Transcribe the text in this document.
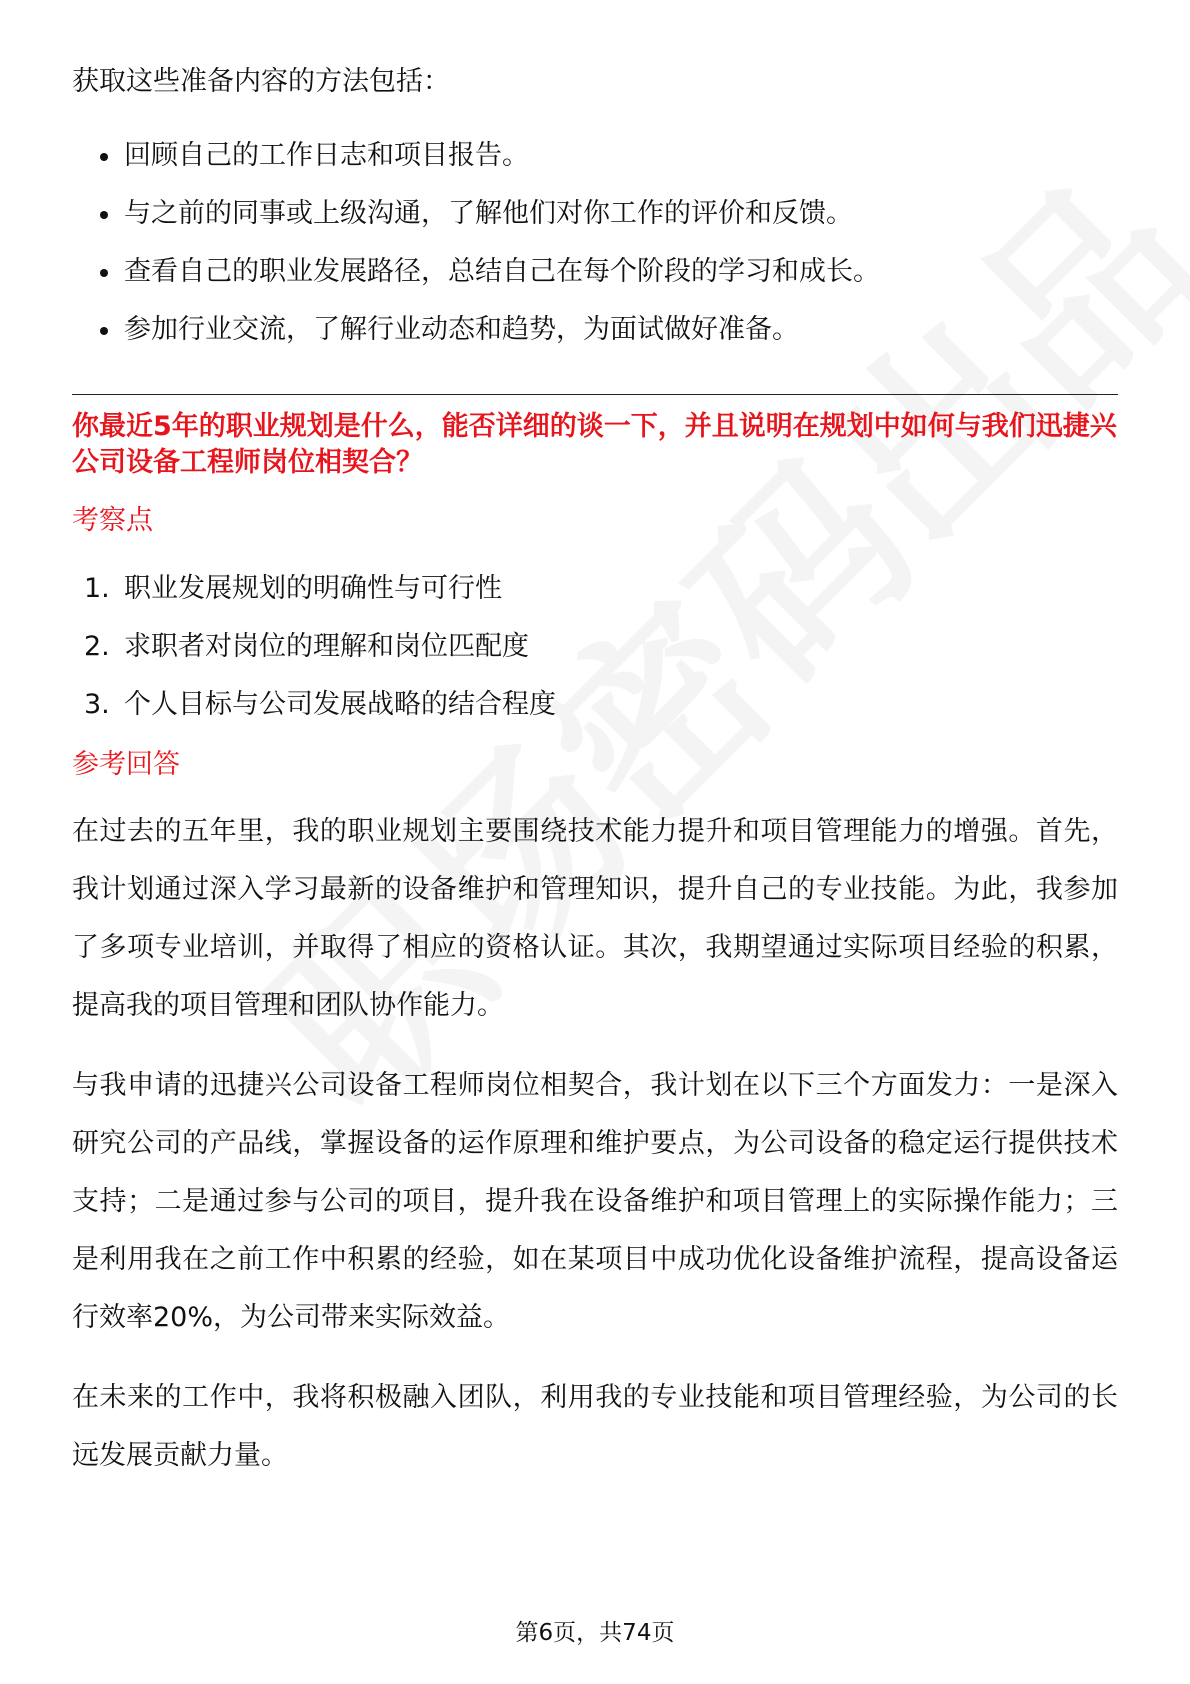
获取这些准备内容的方法包括：

回顾自己的工作日志和项目报告。
与之前的同事或上级沟通，了解他们对你工作的评价和反馈。
查看自己的职业发展路径，总结自己在每个阶段的学习和成长。
参加行业交流，了解行业动态和趋势，为面试做好准备。

你最近5年的职业规划是什么，能否详细的谈一下，并且说明在规划中如何与我们迅捷兴公司设备工程师岗位相契合？

考察点

1. 职业发展规划的明确性与可行性
2. 求职者对岗位的理解和岗位匹配度
3. 个人目标与公司发展战略的结合程度

参考回答

在过去的五年里，我的职业规划主要围绕技术能力提升和项目管理能力的增强。首先，我计划通过深入学习最新的设备维护和管理知识，提升自己的专业技能。为此，我参加了多项专业培训，并取得了相应的资格认证。其次，我期望通过实际项目经验的积累，提高我的项目管理和团队协作能力。

与我申请的迅捷兴公司设备工程师岗位相契合，我计划在以下三个方面发力：一是深入研究公司的产品线，掌握设备的运作原理和维护要点，为公司设备的稳定运行提供技术支持；二是通过参与公司的项目，提升我在设备维护和项目管理上的实际操作能力；三是利用我在之前工作中积累的经验，如在某项目中成功优化设备维护流程，提高设备运行效率20%，为公司带来实际效益。

在未来的工作中，我将积极融入团队，利用我的专业技能和项目管理经验，为公司的长远发展贡献力量。

第6页，共74页
